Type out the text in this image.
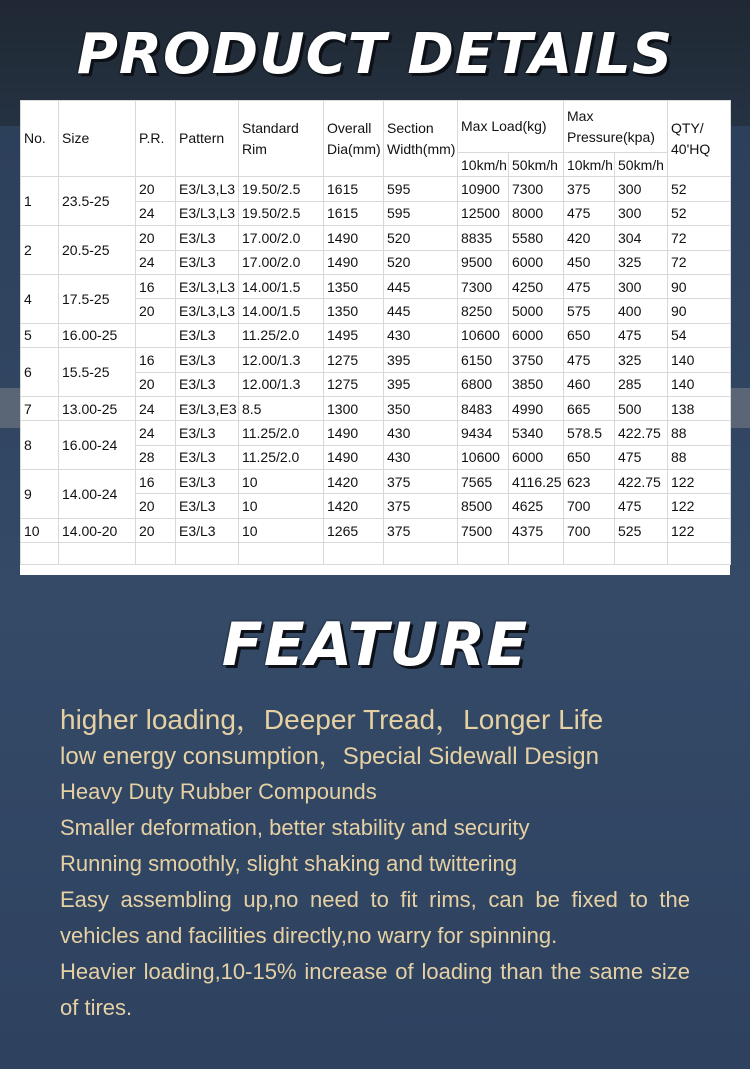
PRODUCT DETAILS
No.	Size	P.R.	Pattern	Standard Rim	Overall Dia(mm)	Section Width(mm)	Max Load(kg)		Max Pressure(kpa)		QTY/ 40'HQ
							10km/h	50km/h	10km/h	50km/h	
1	23.5-25	20	E3/L3,L3	19.50/2.5	1615	595	10900	7300	375	300	52
		24	E3/L3,L3	19.50/2.5	1615	595	12500	8000	475	300	52
2	20.5-25	20	E3/L3	17.00/2.0	1490	520	8835	5580	420	304	72
		24	E3/L3	17.00/2.0	1490	520	9500	6000	450	325	72
4	17.5-25	16	E3/L3,L3	14.00/1.5	1350	445	7300	4250	475	300	90
		20	E3/L3,L3	14.00/1.5	1350	445	8250	5000	575	400	90
5	16.00-25		E3/L3	11.25/2.0	1495	430	10600	6000	650	475	54
6	15.5-25	16	E3/L3	12.00/1.3	1275	395	6150	3750	475	325	140
		20	E3/L3	12.00/1.3	1275	395	6800	3850	460	285	140
7	13.00-25	24	E3/L3,E3	8.5	1300	350	8483	4990	665	500	138
8	16.00-24	24	E3/L3	11.25/2.0	1490	430	9434	5340	578.5	422.75	88
		28	E3/L3	11.25/2.0	1490	430	10600	6000	650	475	88
9	14.00-24	16	E3/L3	10	1420	375	7565	4116.25	623	422.75	122
		20	E3/L3	10	1420	375	8500	4625	700	475	122
10	14.00-20	20	E3/L3	10	1265	375	7500	4375	700	525	122

FEATURE
higher loading，Deeper Tread，Longer Life
low energy consumption，Special Sidewall Design
Heavy Duty Rubber Compounds
Smaller deformation, better stability and security
Running smoothly, slight shaking and twittering
Easy assembling up,no need to fit rims, can be fixed to the vehicles and facilities directly,no warry for spinning.
Heavier loading,10-15% increase of loading than the same size of tires.
